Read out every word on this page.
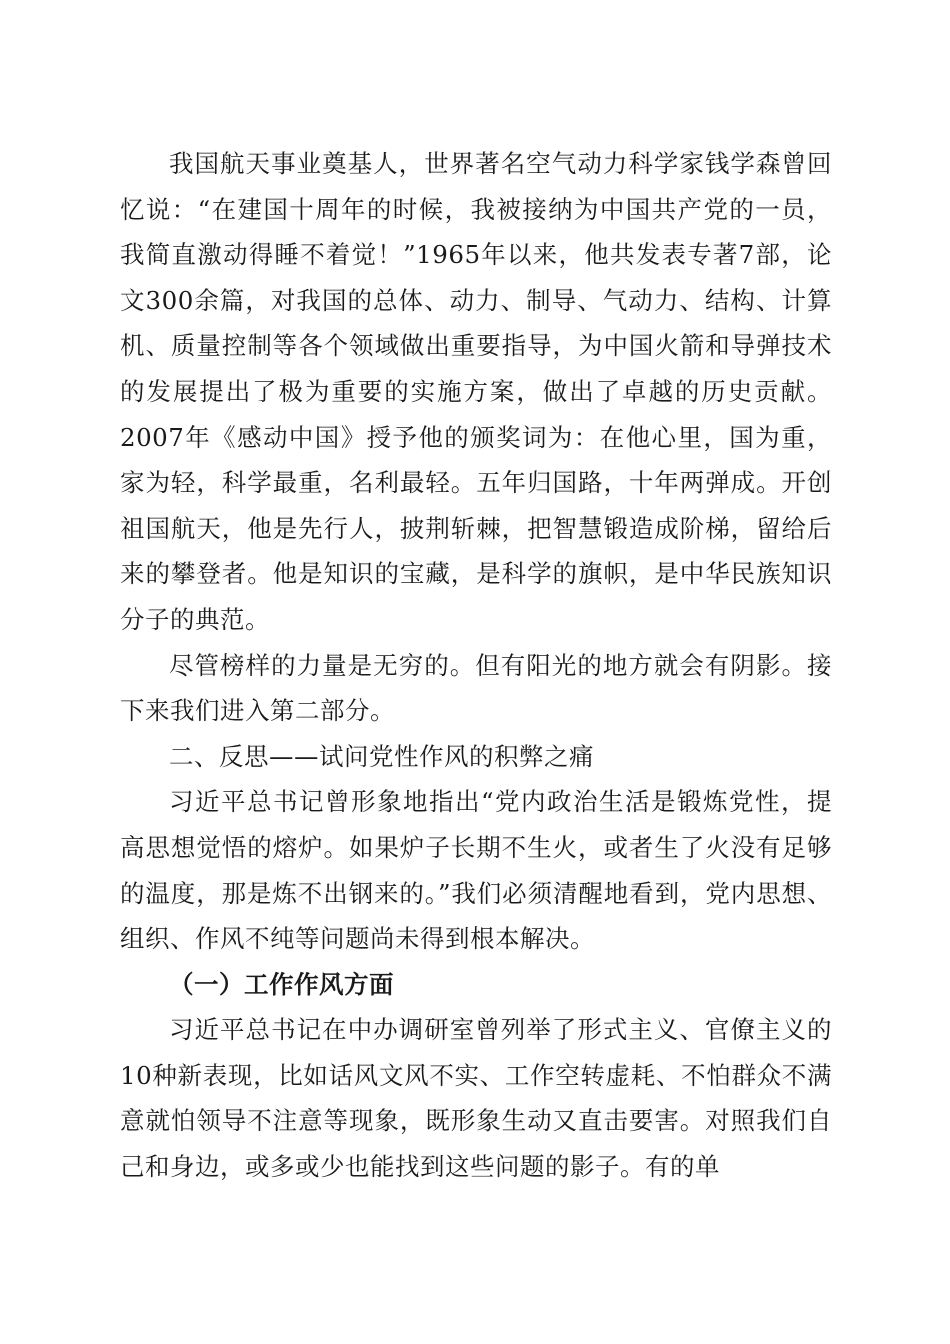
我国航天事业奠基人，世界著名空气动力科学家钱学森曾回忆说：“在建国十周年的时候，我被接纳为中国共产党的一员，我简直激动得睡不着觉！”1965年以来，他共发表专著7部，论文300余篇，对我国的总体、动力、制导、气动力、结构、计算机、质量控制等各个领域做出重要指导，为中国火箭和导弹技术的发展提出了极为重要的实施方案，做出了卓越的历史贡献。2007年《感动中国》授予他的颁奖词为：在他心里，国为重，家为轻，科学最重，名利最轻。五年归国路，十年两弹成。开创祖国航天，他是先行人，披荆斩棘，把智慧锻造成阶梯，留给后来的攀登者。他是知识的宝藏，是科学的旗帜，是中华民族知识分子的典范。

尽管榜样的力量是无穷的。但有阳光的地方就会有阴影。接下来我们进入第二部分。

二、反思——试问党性作风的积弊之痛

习近平总书记曾形象地指出“党内政治生活是锻炼党性，提高思想觉悟的熔炉。如果炉子长期不生火，或者生了火没有足够的温度，那是炼不出钢来的。”我们必须清醒地看到，党内思想、组织、作风不纯等问题尚未得到根本解决。

（一）工作作风方面

习近平总书记在中办调研室曾列举了形式主义、官僚主义的10种新表现，比如话风文风不实、工作空转虚耗、不怕群众不满意就怕领导不注意等现象，既形象生动又直击要害。对照我们自己和身边，或多或少也能找到这些问题的影子。有的单
